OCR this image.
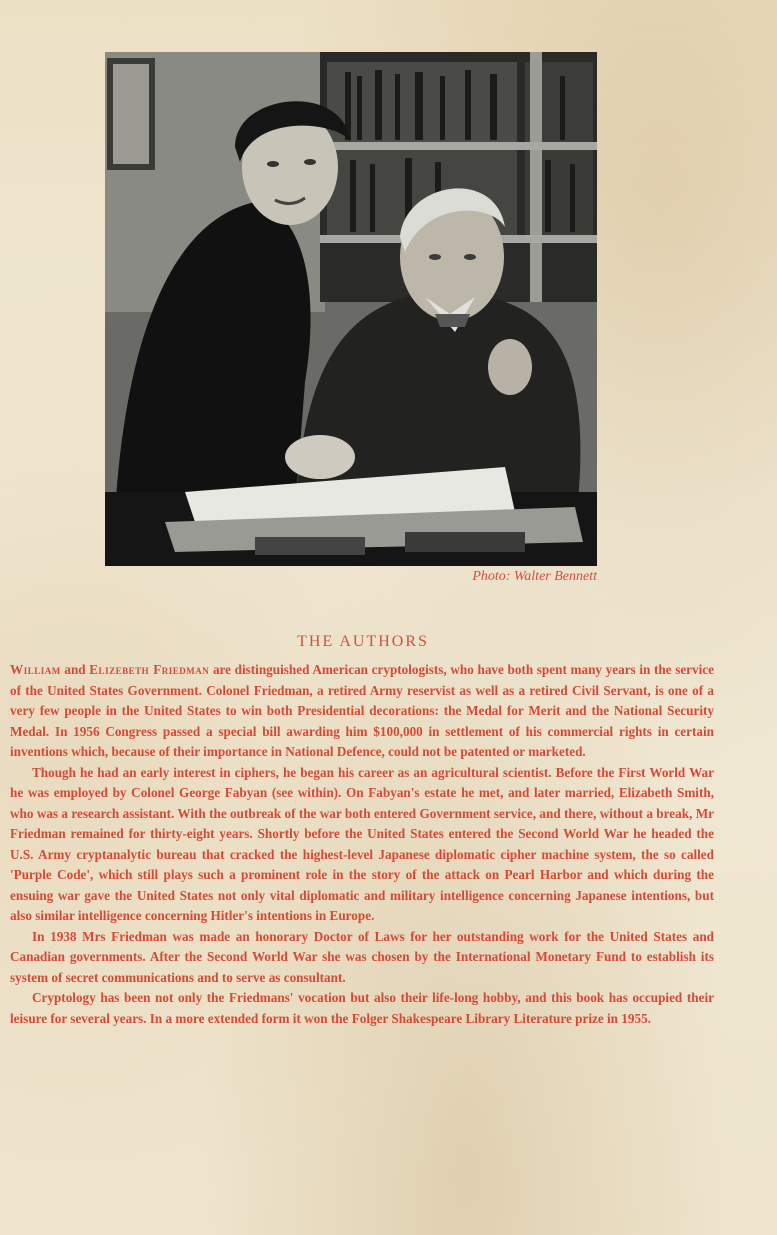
Photo: Walter Bennett
THE AUTHORS

William and Elizebeth Friedman are distinguished American cryptologists, who have both spent many years in the service of the United States Government. Colonel Friedman, a retired Army reservist as well as a retired Civil Servant, is one of a very few people in the United States to win both Presidential decorations: the Medal for Merit and the National Security Medal. In 1956 Congress passed a special bill awarding him $100,000 in settlement of his commercial rights in certain inventions which, because of their importance in National Defence, could not be patented or marketed.

Though he had an early interest in ciphers, he began his career as an agricultural scientist. Before the First World War he was employed by Colonel George Fabyan (see within). On Fabyan's estate he met, and later married, Elizabeth Smith, who was a research assistant. With the outbreak of the war both entered Government service, and there, without a break, Mr Friedman remained for thirty-eight years. Shortly before the United States entered the Second World War he headed the U.S. Army cryptanalytic bureau that cracked the highest-level Japanese diplomatic cipher machine system, the so called 'Purple Code', which still plays such a prominent role in the story of the attack on Pearl Harbor and which during the ensuing war gave the United States not only vital diplomatic and military intelligence concerning Japanese intentions, but also similar intelligence concerning Hitler's intentions in Europe.

In 1938 Mrs Friedman was made an honorary Doctor of Laws for her outstanding work for the United States and Canadian governments. After the Second World War she was chosen by the International Monetary Fund to establish its system of secret communications and to serve as consultant.

Cryptology has been not only the Friedmans' vocation but also their life-long hobby, and this book has occupied their leisure for several years. In a more extended form it won the Folger Shakespeare Library Literature prize in 1955.
